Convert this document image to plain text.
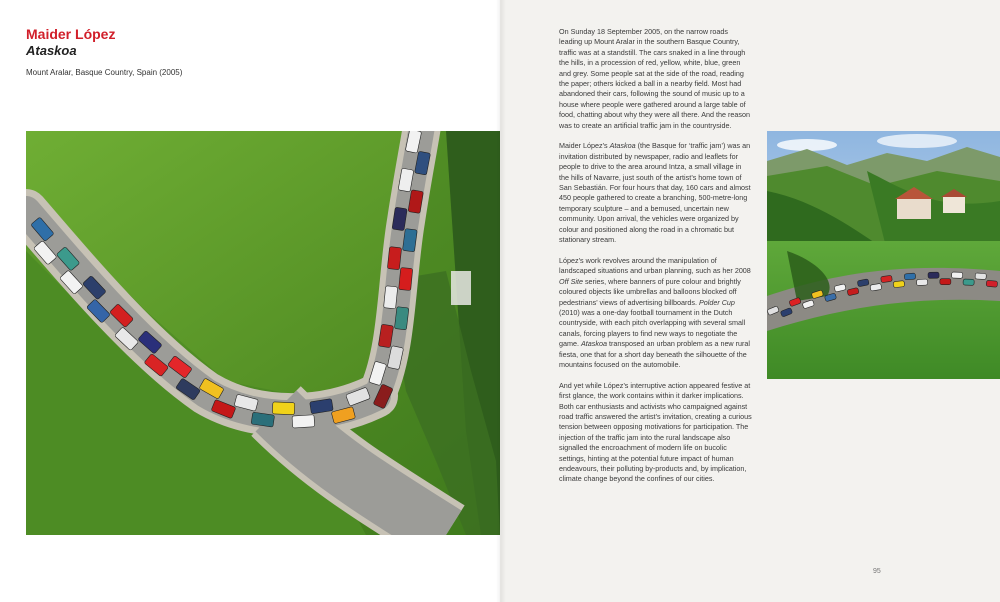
Maider López
Ataskoa

Mount Aralar, Basque Country, Spain (2005)

On Sunday 18 September 2005, on the narrow roads leading up Mount Aralar in the southern Basque Country, traffic was at a standstill. The cars snaked in a line through the hills, in a procession of red, yellow, white, blue, green and grey. Some people sat at the side of the road, reading the paper; others kicked a ball in a nearby field. Most had abandoned their cars, following the sound of music up to a house where people were gathered around a large table of food, chatting about why they were all there. And the reason was to create an artificial traffic jam in the countryside.

Maider López’s Ataskoa (the Basque for ‘traffic jam’) was an invitation distributed by newspaper, radio and leaflets for people to drive to the area around Intza, a small village in the hills of Navarre, just south of the artist’s home town of San Sebastián. For four hours that day, 160 cars and almost 450 people gathered to create a branching, 500-metre-long temporary sculpture – and a bemused, uncertain new community. Upon arrival, the vehicles were organized by colour and positioned along the road in a chromatic but stationary stream.

López’s work revolves around the manipulation of landscaped situations and urban planning, such as her 2008 Off Site series, where banners of pure colour and brightly coloured objects like umbrellas and balloons blocked off pedestrians’ views of advertising billboards. Polder Cup (2010) was a one-day football tournament in the Dutch countryside, with each pitch overlapping with several small canals, forcing players to find new ways to negotiate the game. Ataskoa transposed an urban problem as a new rural fiesta, one that for a short day beneath the silhouette of the mountains focused on the automobile.

And yet while López’s interruptive action appeared festive at first glance, the work contains within it darker implications. Both car enthusiasts and activists who campaigned against road traffic answered the artist’s invitation, creating a curious tension between opposing motivations for participation. The injection of the traffic jam into the rural landscape also signalled the encroachment of modern life on bucolic settings, hinting at the potential future impact of human endeavours, their polluting by-products and, by implication, climate change beyond the confines of our cities.

95
